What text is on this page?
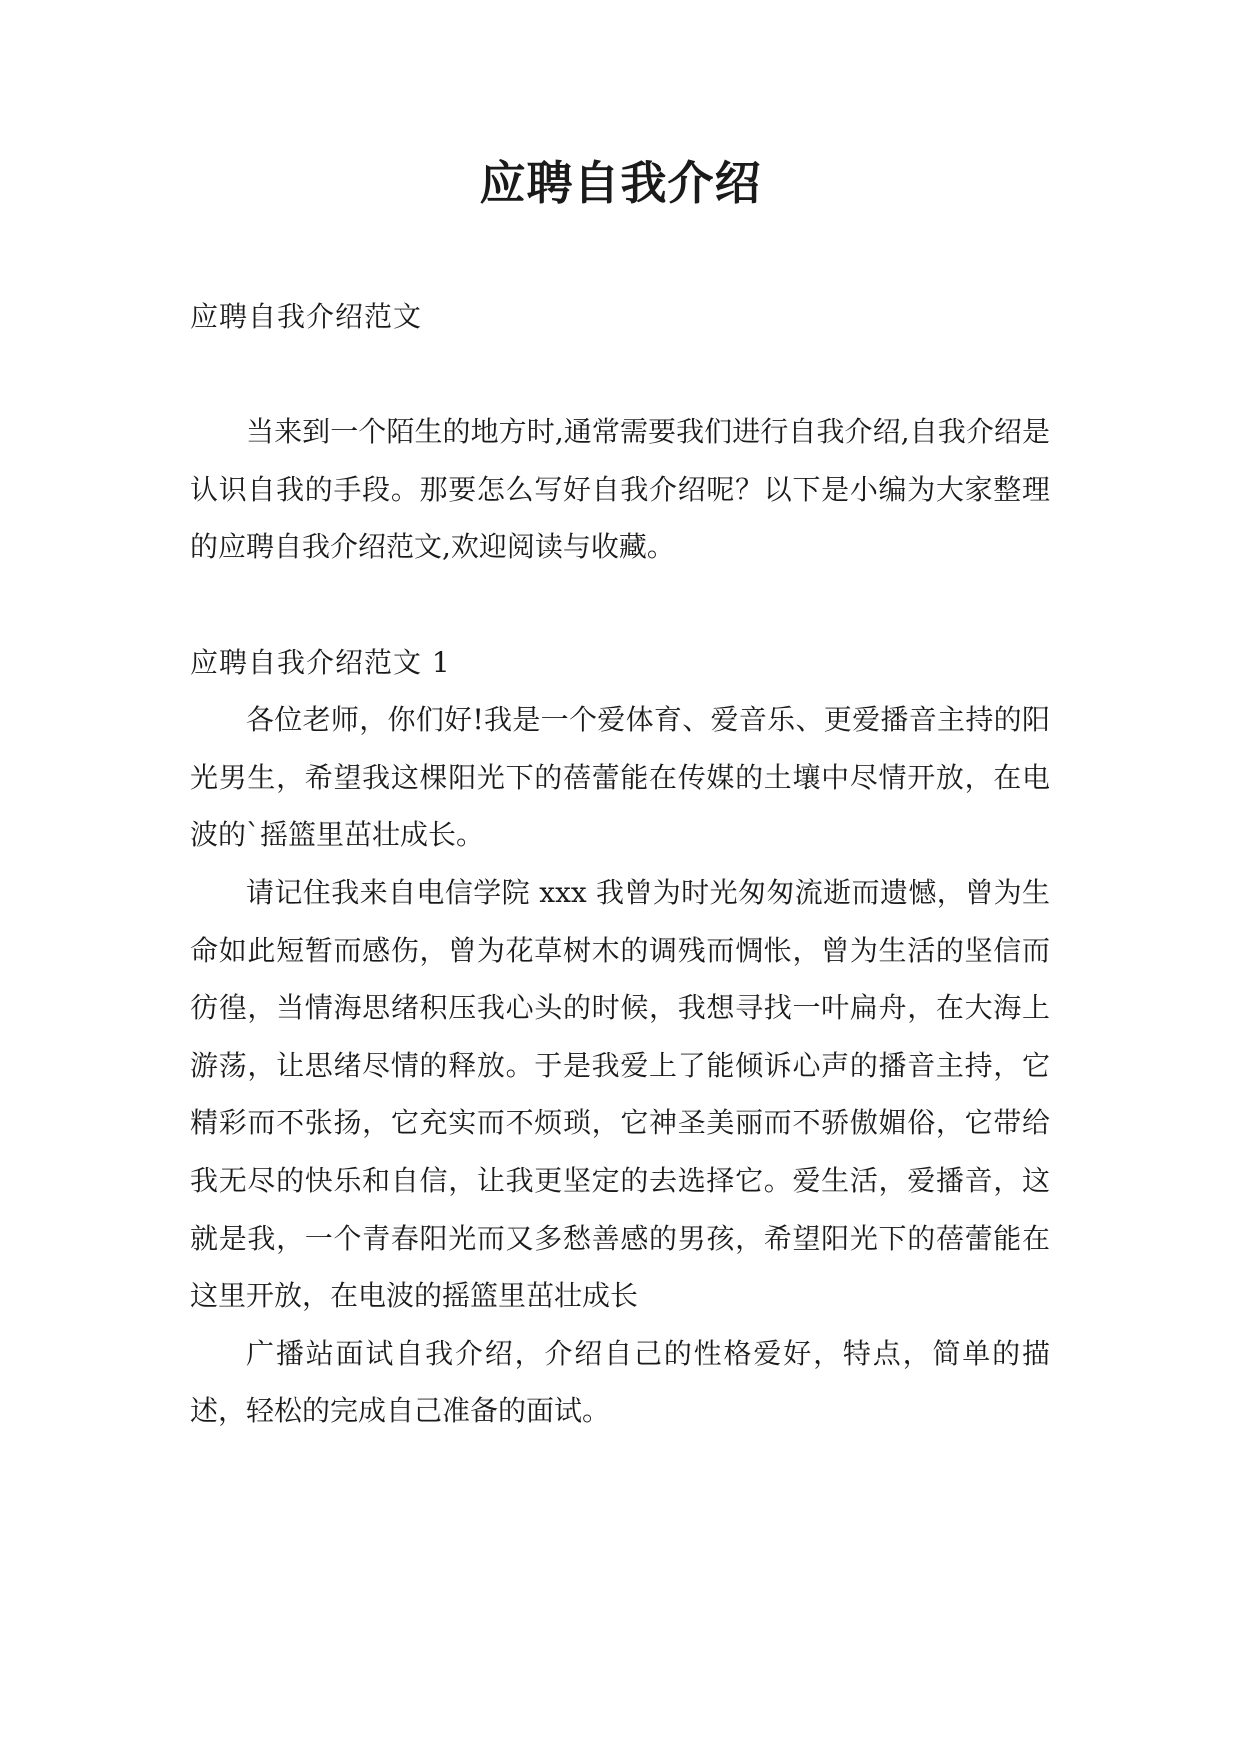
应聘自我介绍

应聘自我介绍范文

当来到一个陌生的地方时,通常需要我们进行自我介绍,自我介绍是认识自我的手段。那要怎么写好自我介绍呢？以下是小编为大家整理的应聘自我介绍范文,欢迎阅读与收藏。

应聘自我介绍范文 1

各位老师，你们好!我是一个爱体育、爱音乐、更爱播音主持的阳光男生，希望我这棵阳光下的蓓蕾能在传媒的土壤中尽情开放，在电波的`摇篮里茁壮成长。

请记住我来自电信学院 xxx 我曾为时光匆匆流逝而遗憾，曾为生命如此短暂而感伤，曾为花草树木的调残而惆怅，曾为生活的坚信而彷徨，当情海思绪积压我心头的时候，我想寻找一叶扁舟，在大海上游荡，让思绪尽情的释放。于是我爱上了能倾诉心声的播音主持，它精彩而不张扬，它充实而不烦琐，它神圣美丽而不骄傲媚俗，它带给我无尽的快乐和自信，让我更坚定的去选择它。爱生活，爱播音，这就是我，一个青春阳光而又多愁善感的男孩，希望阳光下的蓓蕾能在这里开放，在电波的摇篮里茁壮成长

广播站面试自我介绍，介绍自己的性格爱好，特点，简单的描述，轻松的完成自己准备的面试。
